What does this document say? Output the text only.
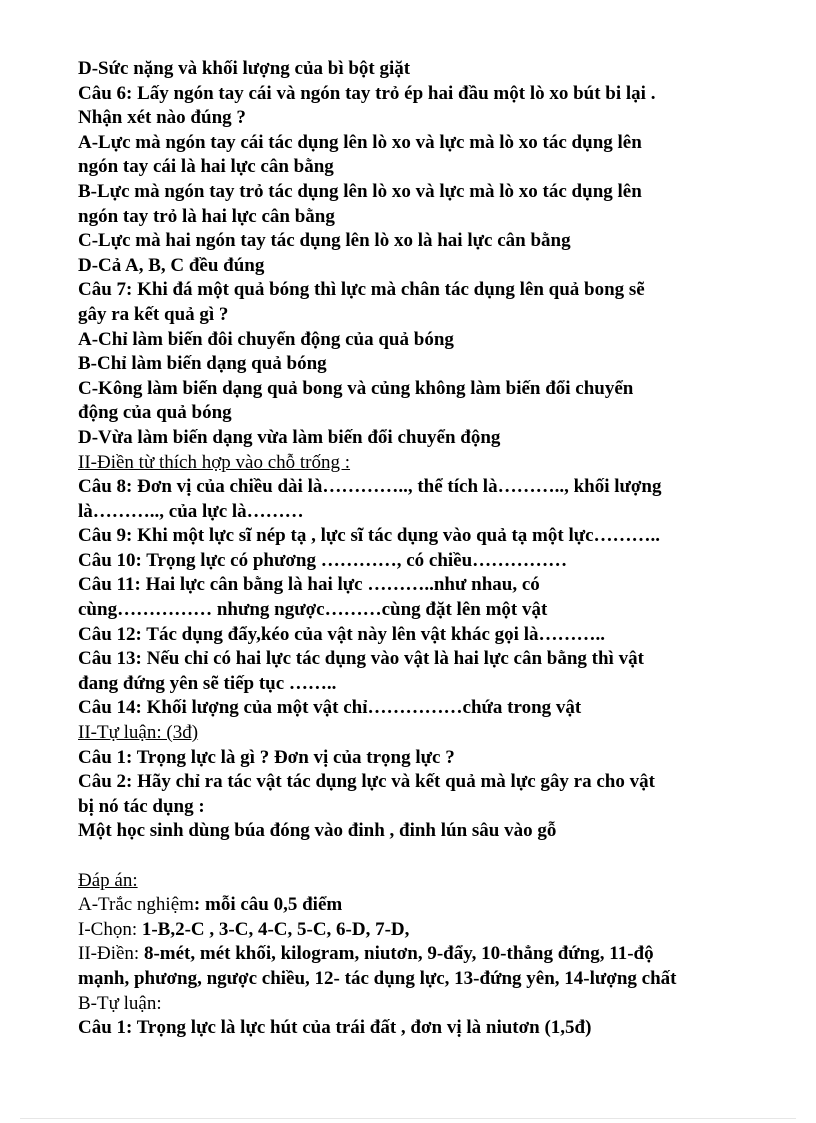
D-Sức nặng và khối lượng của bì bột giặt

Câu 6: Lấy ngón tay cái và ngón tay trỏ ép hai đầu một lò xo bút bi lại .

Nhận xét nào đúng ?

A-Lực mà ngón tay cái tác dụng lên lò xo và lực mà lò xo tác dụng lên

ngón tay cái là hai lực cân bằng

B-Lực mà ngón tay trỏ tác dụng lên lò xo và lực mà lò xo tác dụng lên

ngón tay trỏ là hai lực cân bằng

C-Lực mà hai ngón tay tác dụng lên lò xo là hai lực cân bằng

D-Cả A, B, C đều đúng

Câu 7: Khi đá một quả bóng thì lực mà chân tác dụng lên quả bong sẽ

gây ra kết quả gì ?

A-Chỉ làm biến đôi chuyển động của quả bóng

B-Chỉ làm biến dạng quả bóng

C-Kông làm biến dạng quả bong và củng không làm biến đổi chuyển

động của quả bóng

D-Vừa làm biến dạng vừa làm biến đổi chuyển động

II-Điền từ thích hợp vào chỗ trống :

Câu 8: Đơn vị của chiều dài là………….., thể tích là……….., khối lượng

là……….., của lực là………

Câu 9: Khi một lực sĩ nép tạ , lực sĩ tác dụng vào quả tạ một lực………..

Câu 10: Trọng lực có phương …………, có chiều……………

Câu 11: Hai lực cân bằng là hai lực ………..như nhau, có

cùng…………… nhưng ngược………cùng đặt lên một vật

Câu 12: Tác dụng đẩy,kéo của vật này lên vật khác gọi là………..

Câu 13: Nếu chỉ có hai lực tác dụng vào vật là hai lực cân bằng thì vật

đang đứng yên sẽ tiếp tục ……..

Câu 14: Khối lượng của một vật chỉ……………chứa trong vật

II-Tự luận: (3đ)

Câu 1: Trọng lực là gì ? Đơn vị của trọng lực ?

Câu 2: Hãy chỉ ra tác vật tác dụng lực và kết quả mà lực gây ra cho vật

bị nó tác dụng :

Một học sinh dùng búa đóng vào đinh , đinh lún sâu vào gỗ

Đáp án:

A-Trắc nghiệm: mỗi câu 0,5 điểm

I-Chọn: 1-B,2-C , 3-C, 4-C, 5-C, 6-D, 7-D,

II-Điền: 8-mét, mét khối, kilogram, niutơn, 9-đẩy, 10-thẳng đứng, 11-độ

mạnh, phương, ngược chiều, 12- tác dụng lực, 13-đứng yên, 14-lượng chất

B-Tự luận:

Câu 1: Trọng lực là lực hút của trái đất , đơn vị là niutơn (1,5đ)
